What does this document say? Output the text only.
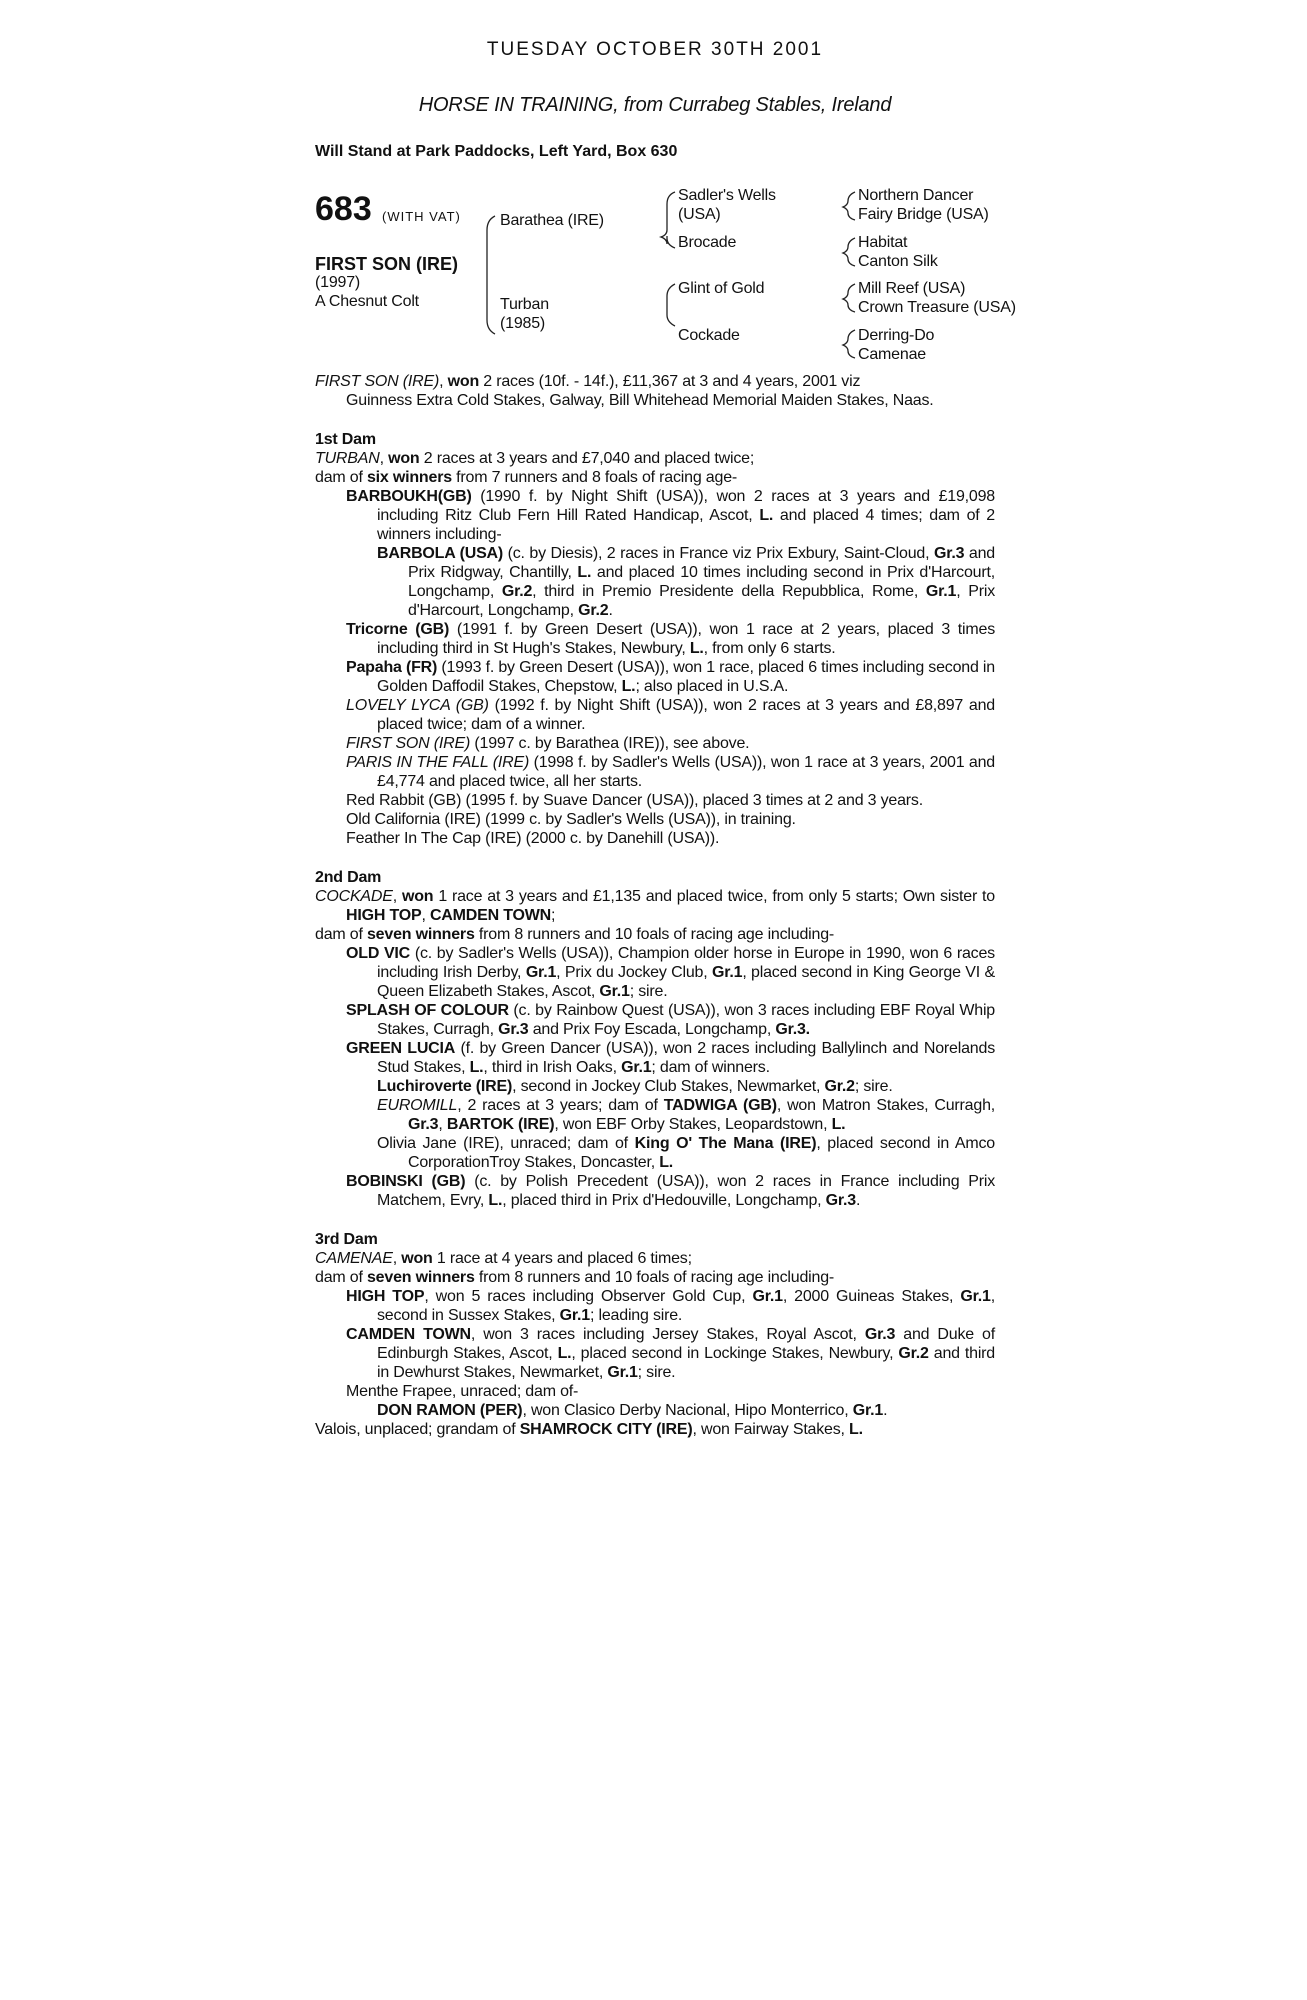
TUESDAY OCTOBER 30TH 2001
HORSE IN TRAINING, from Currabeg Stables, Ireland
Will Stand at Park Paddocks, Left Yard, Box 630
683 (WITH VAT)
FIRST SON (IRE)
(1997)
A Chesnut Colt
Barathea (IRE)
Turban
(1985)
Sadler's Wells
(USA)
Brocade
Glint of Gold
Cockade
Northern Dancer
Fairy Bridge (USA)
Habitat
Canton Silk
Mill Reef (USA)
Crown Treasure (USA)
Derring-Do
Camenae

FIRST SON (IRE), won 2 races (10f. - 14f.), £11,367 at 3 and 4 years, 2001 viz

Guinness Extra Cold Stakes, Galway, Bill Whitehead Memorial Maiden Stakes, Naas.

1st Dam

TURBAN, won 2 races at 3 years and £7,040 and placed twice;

dam of six winners from 7 runners and 8 foals of racing age-

BARBOUKH(GB) (1990 f. by Night Shift (USA)), won 2 races at 3 years and £19,098 including Ritz Club Fern Hill Rated Handicap, Ascot, L. and placed 4 times; dam of 2 winners including-

BARBOLA (USA) (c. by Diesis), 2 races in France viz Prix Exbury, Saint-Cloud, Gr.3 and Prix Ridgway, Chantilly, L. and placed 10 times including second in Prix d'Harcourt, Longchamp, Gr.2, third in Premio Presidente della Repubblica, Rome, Gr.1, Prix d'Harcourt, Longchamp, Gr.2.

Tricorne (GB) (1991 f. by Green Desert (USA)), won 1 race at 2 years, placed 3 times including third in St Hugh's Stakes, Newbury, L., from only 6 starts.

Papaha (FR) (1993 f. by Green Desert (USA)), won 1 race, placed 6 times including second in Golden Daffodil Stakes, Chepstow, L.; also placed in U.S.A.

LOVELY LYCA (GB) (1992 f. by Night Shift (USA)), won 2 races at 3 years and £8,897 and placed twice; dam of a winner.

FIRST SON (IRE) (1997 c. by Barathea (IRE)), see above.

PARIS IN THE FALL (IRE) (1998 f. by Sadler's Wells (USA)), won 1 race at 3 years, 2001 and £4,774 and placed twice, all her starts.

Red Rabbit (GB) (1995 f. by Suave Dancer (USA)), placed 3 times at 2 and 3 years.

Old California (IRE) (1999 c. by Sadler's Wells (USA)), in training.

Feather In The Cap (IRE) (2000 c. by Danehill (USA)).

2nd Dam

COCKADE, won 1 race at 3 years and £1,135 and placed twice, from only 5 starts; Own sister to HIGH TOP, CAMDEN TOWN;

dam of seven winners from 8 runners and 10 foals of racing age including-

OLD VIC (c. by Sadler's Wells (USA)), Champion older horse in Europe in 1990, won 6 races including Irish Derby, Gr.1, Prix du Jockey Club, Gr.1, placed second in King George VI & Queen Elizabeth Stakes, Ascot, Gr.1; sire.

SPLASH OF COLOUR (c. by Rainbow Quest (USA)), won 3 races including EBF Royal Whip Stakes, Curragh, Gr.3 and Prix Foy Escada, Longchamp, Gr.3.

GREEN LUCIA (f. by Green Dancer (USA)), won 2 races including Ballylinch and Norelands Stud Stakes, L., third in Irish Oaks, Gr.1; dam of winners.

Luchiroverte (IRE), second in Jockey Club Stakes, Newmarket, Gr.2; sire.

EUROMILL, 2 races at 3 years; dam of TADWIGA (GB), won Matron Stakes, Curragh, Gr.3, BARTOK (IRE), won EBF Orby Stakes, Leopardstown, L.

Olivia Jane (IRE), unraced; dam of King O' The Mana (IRE), placed second in Amco CorporationTroy Stakes, Doncaster, L.

BOBINSKI (GB) (c. by Polish Precedent (USA)), won 2 races in France including Prix Matchem, Evry, L., placed third in Prix d'Hedouville, Longchamp, Gr.3.

3rd Dam

CAMENAE, won 1 race at 4 years and placed 6 times;

dam of seven winners from 8 runners and 10 foals of racing age including-

HIGH TOP, won 5 races including Observer Gold Cup, Gr.1, 2000 Guineas Stakes, Gr.1, second in Sussex Stakes, Gr.1; leading sire.

CAMDEN TOWN, won 3 races including Jersey Stakes, Royal Ascot, Gr.3 and Duke of Edinburgh Stakes, Ascot, L., placed second in Lockinge Stakes, Newbury, Gr.2 and third in Dewhurst Stakes, Newmarket, Gr.1; sire.

Menthe Frapee, unraced; dam of-

DON RAMON (PER), won Clasico Derby Nacional, Hipo Monterrico, Gr.1.

Valois, unplaced; grandam of SHAMROCK CITY (IRE), won Fairway Stakes, L.
